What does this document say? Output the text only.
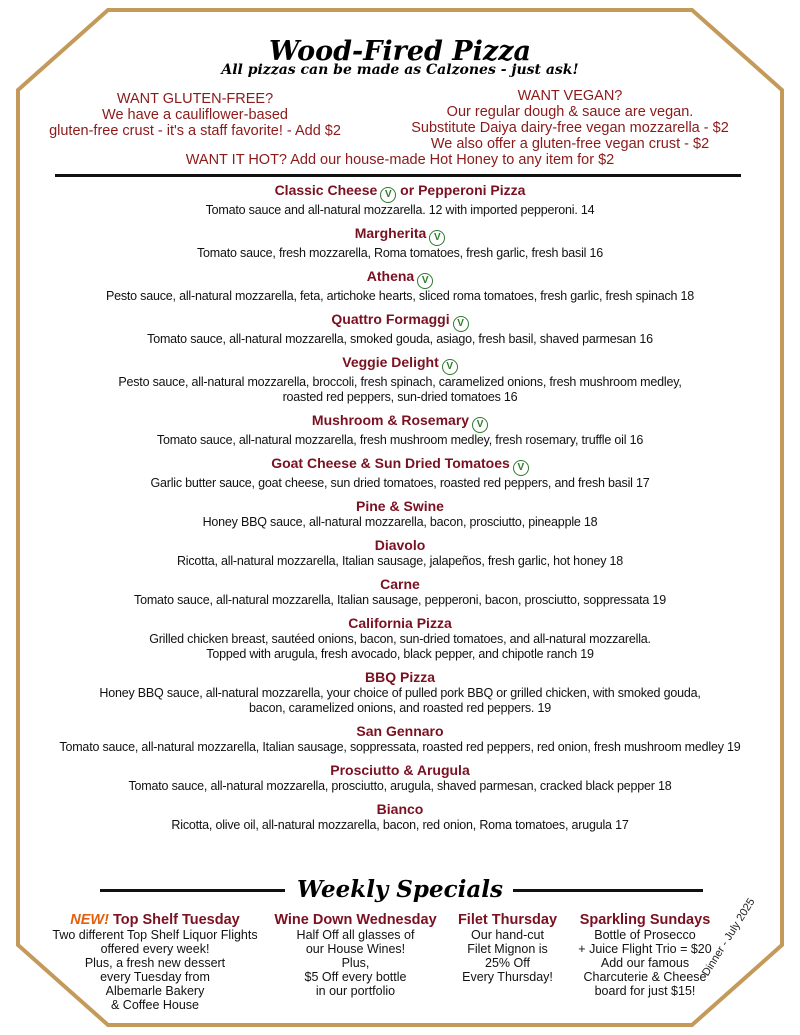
Wood-Fired Pizza
All pizzas can be made as Calzones - just ask!
WANT GLUTEN-FREE?
We have a cauliflower-based
gluten-free crust - it's a staff favorite! - Add $2
WANT VEGAN?
Our regular dough & sauce are vegan.
Substitute Daiya dairy-free vegan mozzarella - $2
We also offer a gluten-free vegan crust - $2
WANT IT HOT? Add our house-made Hot Honey to any item for $2
Classic Cheese V or Pepperoni Pizza
Tomato sauce and all-natural mozzarella. 12 with imported pepperoni. 14
Margherita V
Tomato sauce, fresh mozzarella, Roma tomatoes, fresh garlic, fresh basil 16
Athena V
Pesto sauce, all-natural mozzarella, feta, artichoke hearts, sliced roma tomatoes, fresh garlic, fresh spinach 18
Quattro Formaggi V
Tomato sauce, all-natural mozzarella, smoked gouda, asiago, fresh basil, shaved parmesan 16
Veggie Delight V
Pesto sauce, all-natural mozzarella, broccoli, fresh spinach, caramelized onions, fresh mushroom medley,
roasted red peppers, sun-dried tomatoes 16
Mushroom & Rosemary V
Tomato sauce, all-natural mozzarella, fresh mushroom medley, fresh rosemary, truffle oil 16
Goat Cheese & Sun Dried Tomatoes V
Garlic butter sauce, goat cheese, sun dried tomatoes, roasted red peppers, and fresh basil 17
Pine & Swine
Honey BBQ sauce, all-natural mozzarella, bacon, prosciutto, pineapple 18
Diavolo
Ricotta, all-natural mozzarella, Italian sausage, jalapeños, fresh garlic, hot honey 18
Carne
Tomato sauce, all-natural mozzarella, Italian sausage, pepperoni, bacon, prosciutto, soppressata 19
California Pizza
Grilled chicken breast, sautéed onions, bacon, sun-dried tomatoes, and all-natural mozzarella.
Topped with arugula, fresh avocado, black pepper, and chipotle ranch 19
BBQ Pizza
Honey BBQ sauce, all-natural mozzarella, your choice of pulled pork BBQ or grilled chicken, with smoked gouda,
bacon, caramelized onions, and roasted red peppers. 19
San Gennaro
Tomato sauce, all-natural mozzarella, Italian sausage, soppressata, roasted red peppers, red onion, fresh mushroom medley 19
Prosciutto & Arugula
Tomato sauce, all-natural mozzarella, prosciutto, arugula, shaved parmesan, cracked black pepper 18
Bianco
Ricotta, olive oil, all-natural mozzarella, bacon, red onion, Roma tomatoes, arugula 17
Weekly Specials
NEW! Top Shelf Tuesday
Two different Top Shelf Liquor Flights
offered every week!
Plus, a fresh new dessert
every Tuesday from
Albemarle Bakery
& Coffee House
Wine Down Wednesday
Half Off all glasses of
our House Wines!
Plus,
$5 Off every bottle
in our portfolio
Filet Thursday
Our hand-cut
Filet Mignon is
25% Off
Every Thursday!
Sparkling Sundays
Bottle of Prosecco
+ Juice Flight Trio = $20
Add our famous
Charcuterie & Cheese
board for just $15!
Dinner - July 2025
